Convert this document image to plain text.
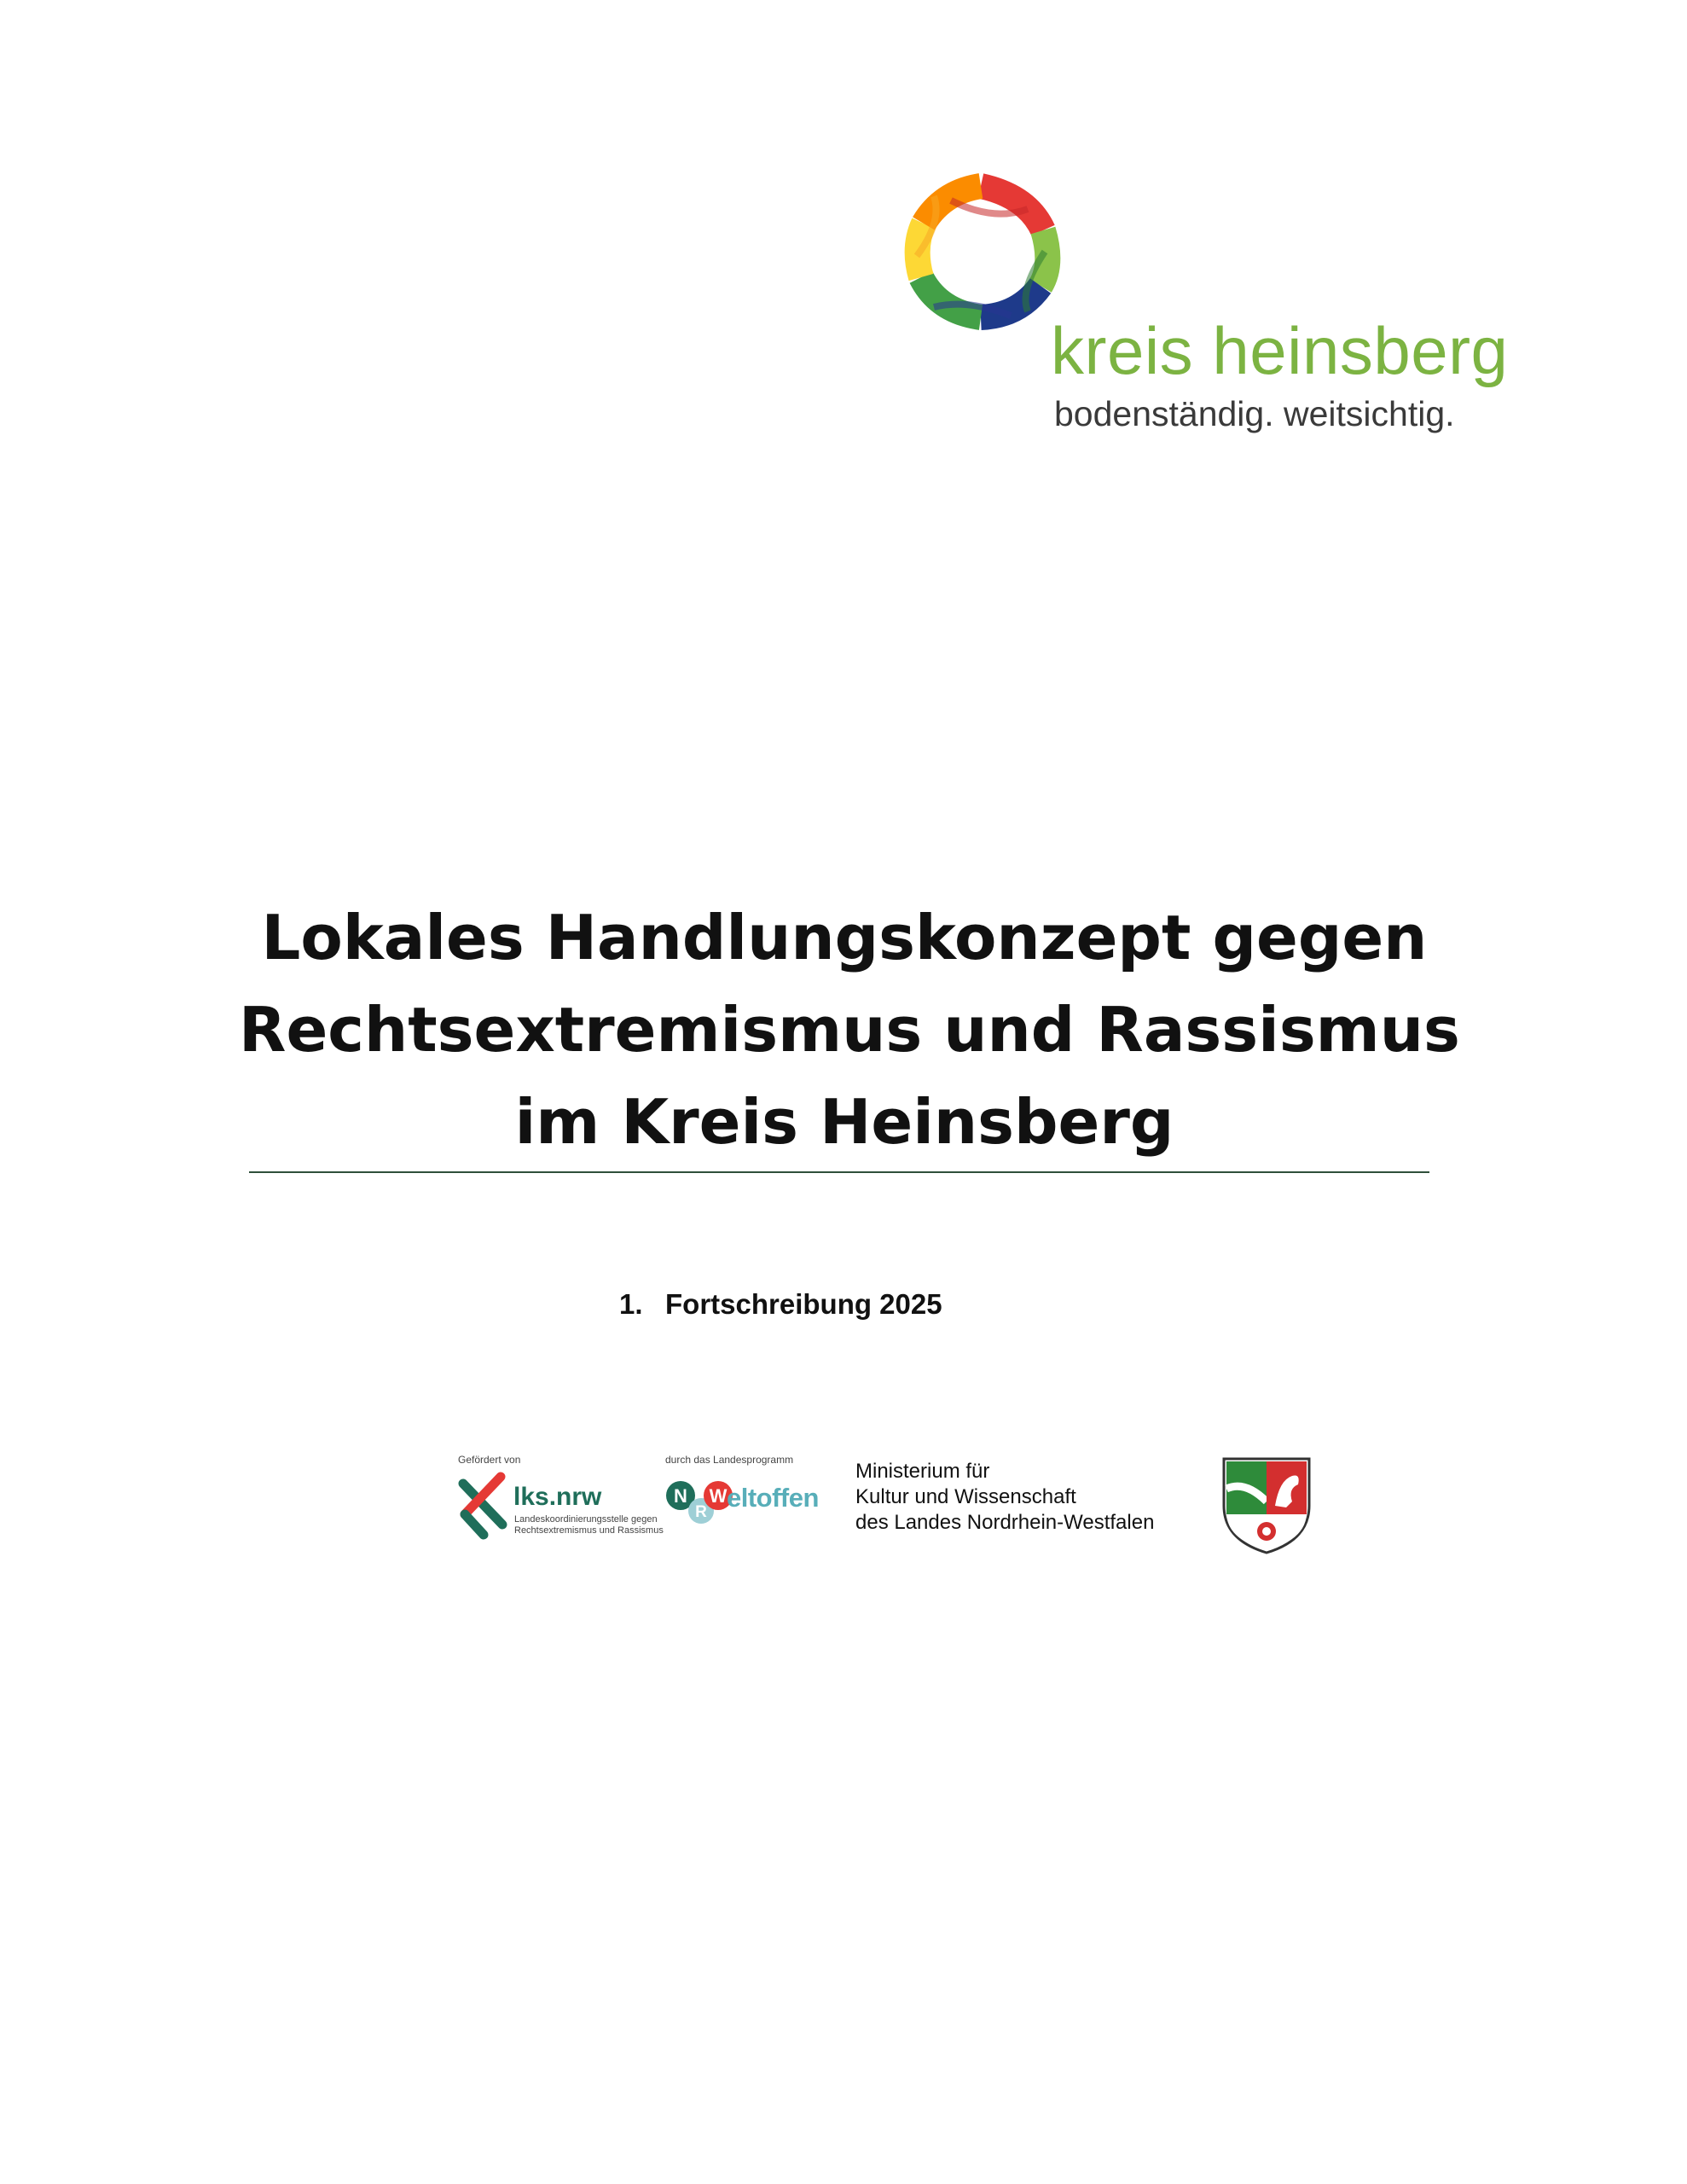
kreis heinsberg
bodenständig. weitsichtig.
Lokales Handlungskonzept gegen
Rechtsextremismus und Rassismus
im Kreis Heinsberg
1. Fortschreibung 2025
Gefördert von
lks.nrw
Landeskoordinierungsstelle gegen
Rechtsextremismus und Rassismus
durch das Landesprogramm
N
R
W eltoffen
Ministerium für
Kultur und Wissenschaft
des Landes Nordrhein-Westfalen
